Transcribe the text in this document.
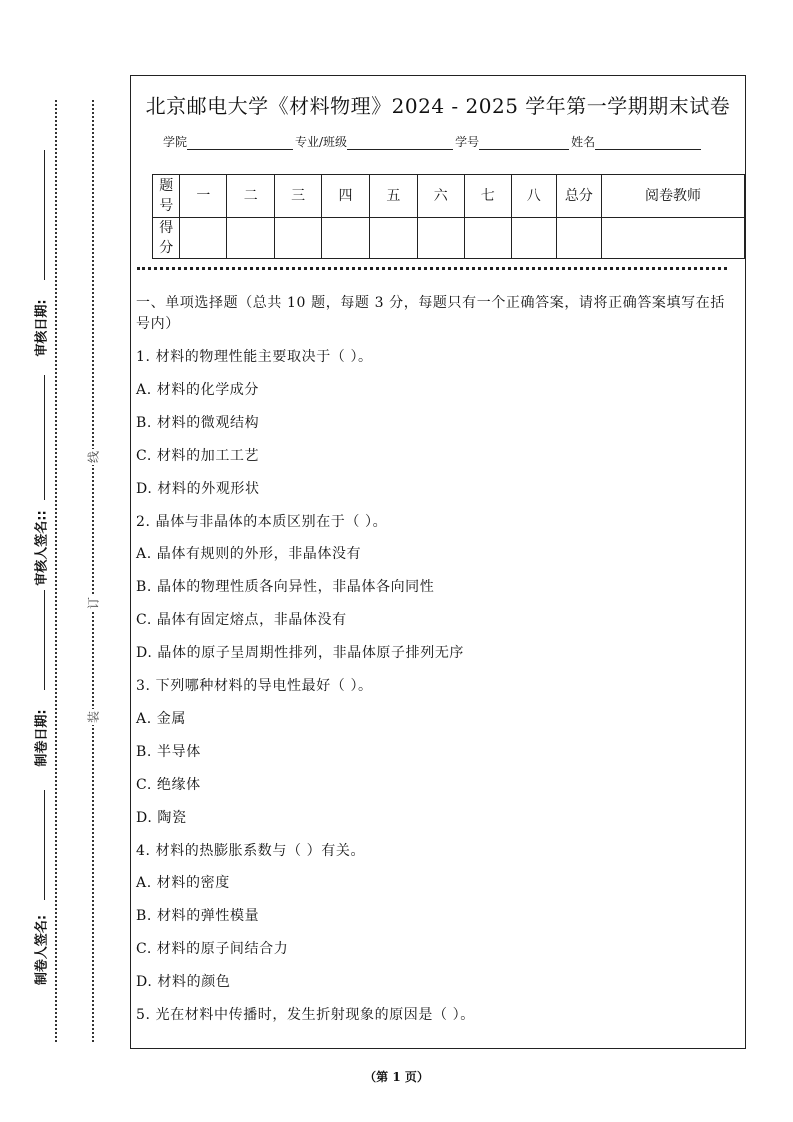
制卷人签名:
制卷日期:
审核人签名::
审核日期:
装
订
线
北京邮电大学《材料物理》2024 - 2025 学年第一学期期末试卷
学院	专业/班级	学号	姓名
题号	一	二	三	四	五	六	七	八	总分	阅卷教师
得分										
一、单项选择题（总共 10 题，每题 3 分，每题只有一个正确答案，请将正确答案填写在括号内）
1. 材料的物理性能主要取决于（ ）。
A. 材料的化学成分
B. 材料的微观结构
C. 材料的加工工艺
D. 材料的外观形状
2. 晶体与非晶体的本质区别在于（ ）。
A. 晶体有规则的外形，非晶体没有
B. 晶体的物理性质各向异性，非晶体各向同性
C. 晶体有固定熔点，非晶体没有
D. 晶体的原子呈周期性排列，非晶体原子排列无序
3. 下列哪种材料的导电性最好（ ）。
A. 金属
B. 半导体
C. 绝缘体
D. 陶瓷
4. 材料的热膨胀系数与（ ）有关。
A. 材料的密度
B. 材料的弹性模量
C. 材料的原子间结合力
D. 材料的颜色
5. 光在材料中传播时，发生折射现象的原因是（ ）。
（第 1 页）
